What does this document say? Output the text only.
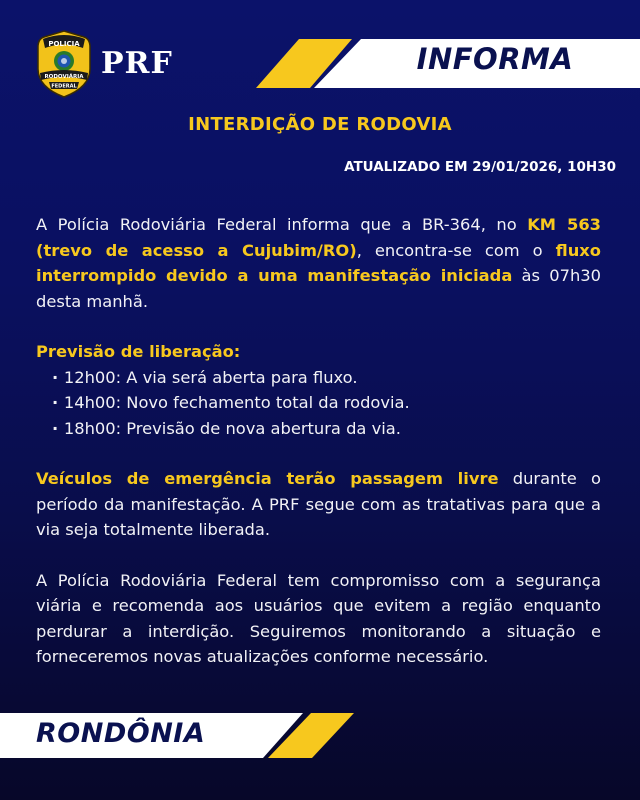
POLICIA
RODOVIÁRIA
FEDERAL
PRF	INFORMA
INTERDIÇÃO DE RODOVIA
ATUALIZADO EM 29/01/2026, 10H30

A Polícia Rodoviária Federal informa que a BR-364, no KM 563 (trevo de acesso a Cujubim/RO), encontra-se com o fluxo interrompido devido a uma manifestação iniciada às 07h30 desta manhã.

Previsão de liberação:

· 12h00: A via será aberta para fluxo.
· 14h00: Novo fechamento total da rodovia.
· 18h00: Previsão de nova abertura da via.

Veículos de emergência terão passagem livre durante o período da manifestação. A PRF segue com as tratativas para que a via seja totalmente liberada.

A Polícia Rodoviária Federal tem compromisso com a segurança viária e recomenda aos usuários que evitem a região enquanto perdurar a interdição. Seguiremos monitorando a situação e forneceremos novas atualizações conforme necessário.

RONDÔNIA
